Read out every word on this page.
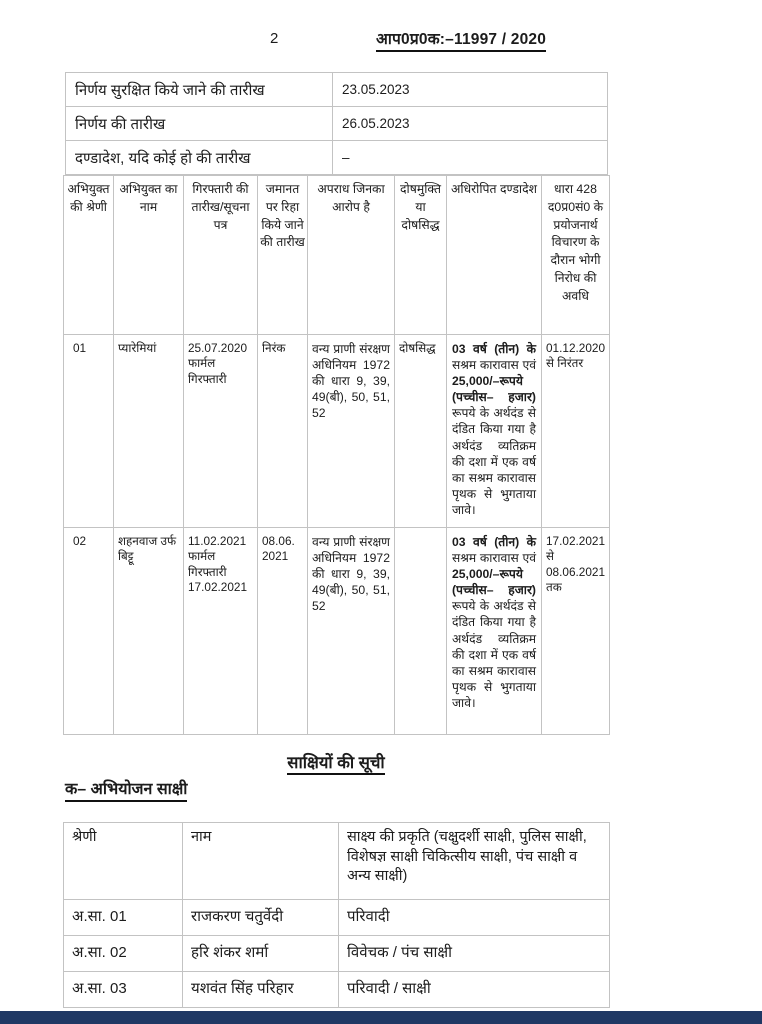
2	आप0प्र0क:–11997 / 2020
निर्णय सुरक्षित किये जाने की तारीख	23.05.2023
निर्णय की तारीख	26.05.2023
दण्डादेश, यदि कोई हो की तारीख	–
अभियुक्त की श्रेणी	अभियुक्त का नाम	गिरफ्तारी की तारीख/सूचना पत्र	जमानत पर रिहा किये जाने की तारीख	अपराध जिनका आरोप है	दोषमुक्ति या दोषसिद्ध	अधिरोपित दण्डादेश	धारा 428 द0प्र0सं0 के प्रयोजनार्थ विचारण के दौरान भोगी निरोध की अवधि
01	प्यारेमियां	25.07.2020 फार्मल गिरफ्तारी	निरंक	वन्य प्राणी संरक्षण अधिनियम 1972 की धारा 9, 39, 49(बी), 50, 51, 52	दोषसिद्ध	03 वर्ष (तीन) के सश्रम कारावास एवं 25,000/–रूपये (पच्चीस– हजार) रूपये के अर्थदंड से दंडित किया गया है अर्थदंड व्यतिक्रम की दशा में एक वर्ष का सश्रम कारावास पृथक से भुगताया जावे।	01.12.2020 से निरंतर
02	शहनवाज उर्फ बिट्टू	11.02.2021 फार्मल गिरफ्तारी 17.02.2021	08.06. 2021	वन्य प्राणी संरक्षण अधिनियम 1972 की धारा 9, 39, 49(बी), 50, 51, 52		03 वर्ष (तीन) के सश्रम कारावास एवं 25,000/–रूपये (पच्चीस– हजार) रूपये के अर्थदंड से दंडित किया गया है अर्थदंड व्यतिक्रम की दशा में एक वर्ष का सश्रम कारावास पृथक से भुगताया जावे।	17.02.2021 से 08.06.2021 तक
साक्षियों की सूची
क– अभियोजन साक्षी
श्रेणी	नाम	साक्ष्य की प्रकृति (चक्षुदर्शी साक्षी, पुलिस साक्षी, विशेषज्ञ साक्षी चिकित्सीय साक्षी, पंच साक्षी व अन्य साक्षी)
अ.सा. 01	राजकरण चतुर्वेदी	परिवादी
अ.सा. 02	हरि शंकर शर्मा	विवेचक / पंच साक्षी
अ.सा. 03	यशवंत सिंह परिहार	परिवादी / साक्षी
